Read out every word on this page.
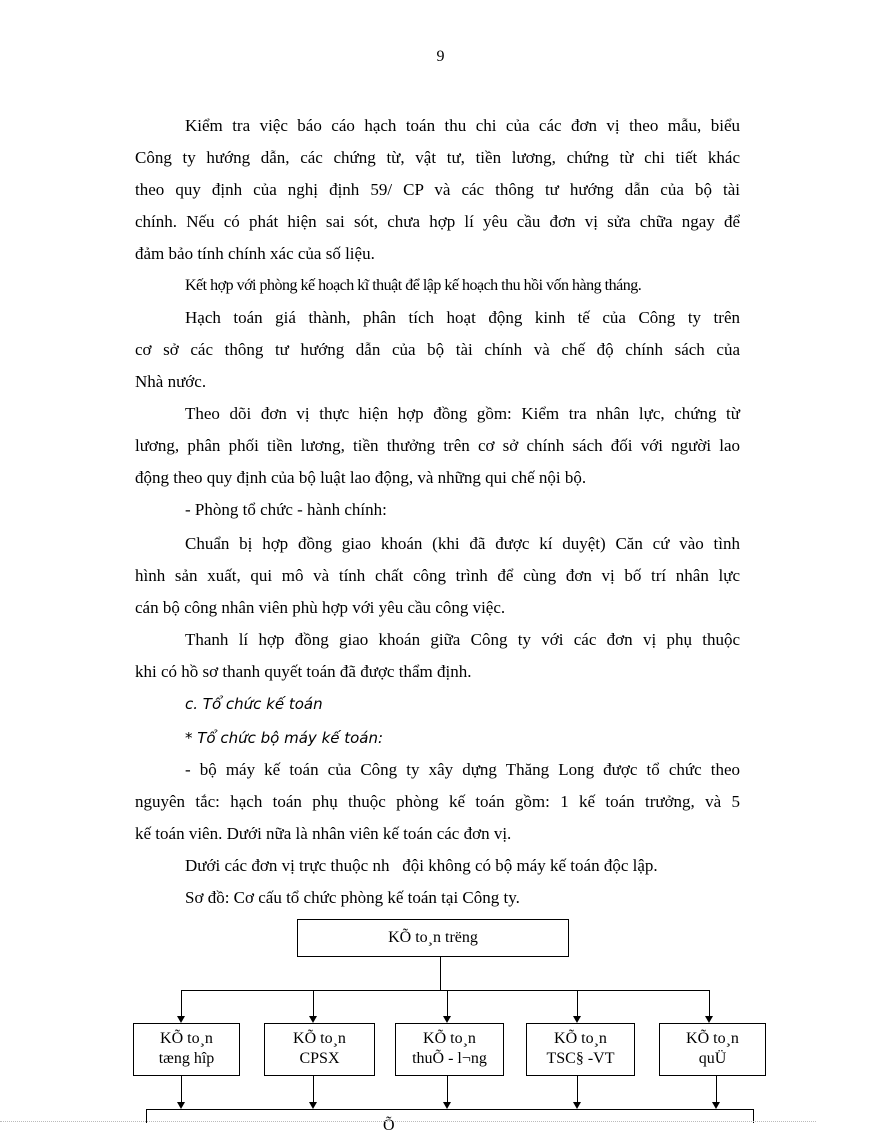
9
Kiểm tra việc báo cáo hạch toán thu chi của các đơn vị theo mẫu, biểu
Công ty hướng dẫn, các chứng từ, vật tư, tiền lương, chứng từ chi tiết khác
theo quy định của nghị định 59/ CP và các thông tư hướng dẫn của bộ tài
chính. Nếu có phát hiện sai sót, chưa hợp lí yêu cầu đơn vị sửa chữa ngay để
đảm bảo tính chính xác của số liệu.
Kết hợp với phòng kế hoạch kĩ thuật để lập kế hoạch thu hồi vốn hàng tháng.
Hạch toán giá thành, phân tích hoạt động kinh tế của Công ty trên
cơ sở các thông tư hướng dẫn của bộ tài chính và chế độ chính sách của
Nhà nước.
Theo dõi đơn vị thực hiện hợp đồng gồm: Kiểm tra nhân lực, chứng từ
lương, phân phối tiền lương, tiền thưởng trên cơ sở chính sách đối với người lao
động theo quy định của bộ luật lao động, và những qui chế nội bộ.
- Phòng tổ chức - hành chính:
Chuẩn bị hợp đồng giao khoán (khi đã được kí duyệt) Căn cứ vào tình
hình sản xuất, qui mô và tính chất công trình để cùng đơn vị bố trí nhân lực
cán bộ công nhân viên phù hợp với yêu cầu công việc.
Thanh lí hợp đồng giao khoán giữa Công ty với các đơn vị phụ thuộc
khi có hồ sơ thanh quyết toán đã được thẩm định.
c. Tổ chức kế toán
* Tổ chức bộ máy kế toán:
- bộ máy kế toán của Công ty xây dựng Thăng Long được tổ chức theo
nguyên tắc: hạch toán phụ thuộc phòng kế toán gồm: 1 kế toán trưởng, và 5
kế toán viên. Dưới nữa là nhân viên kế toán các đơn vị.
Dưới các đơn vị trực thuộc nh   đội không có bộ máy kế toán độc lập.
Sơ đồ: Cơ cấu tổ chức phòng kế toán tại Công ty.
KÕ to¸n trëng
KÕ to¸n
tæng hîp
KÕ to¸n
CPSX
KÕ to¸n
thuÕ - l¬ng
KÕ to¸n
TSC§ -VT
KÕ to¸n
quÜ
Õ
